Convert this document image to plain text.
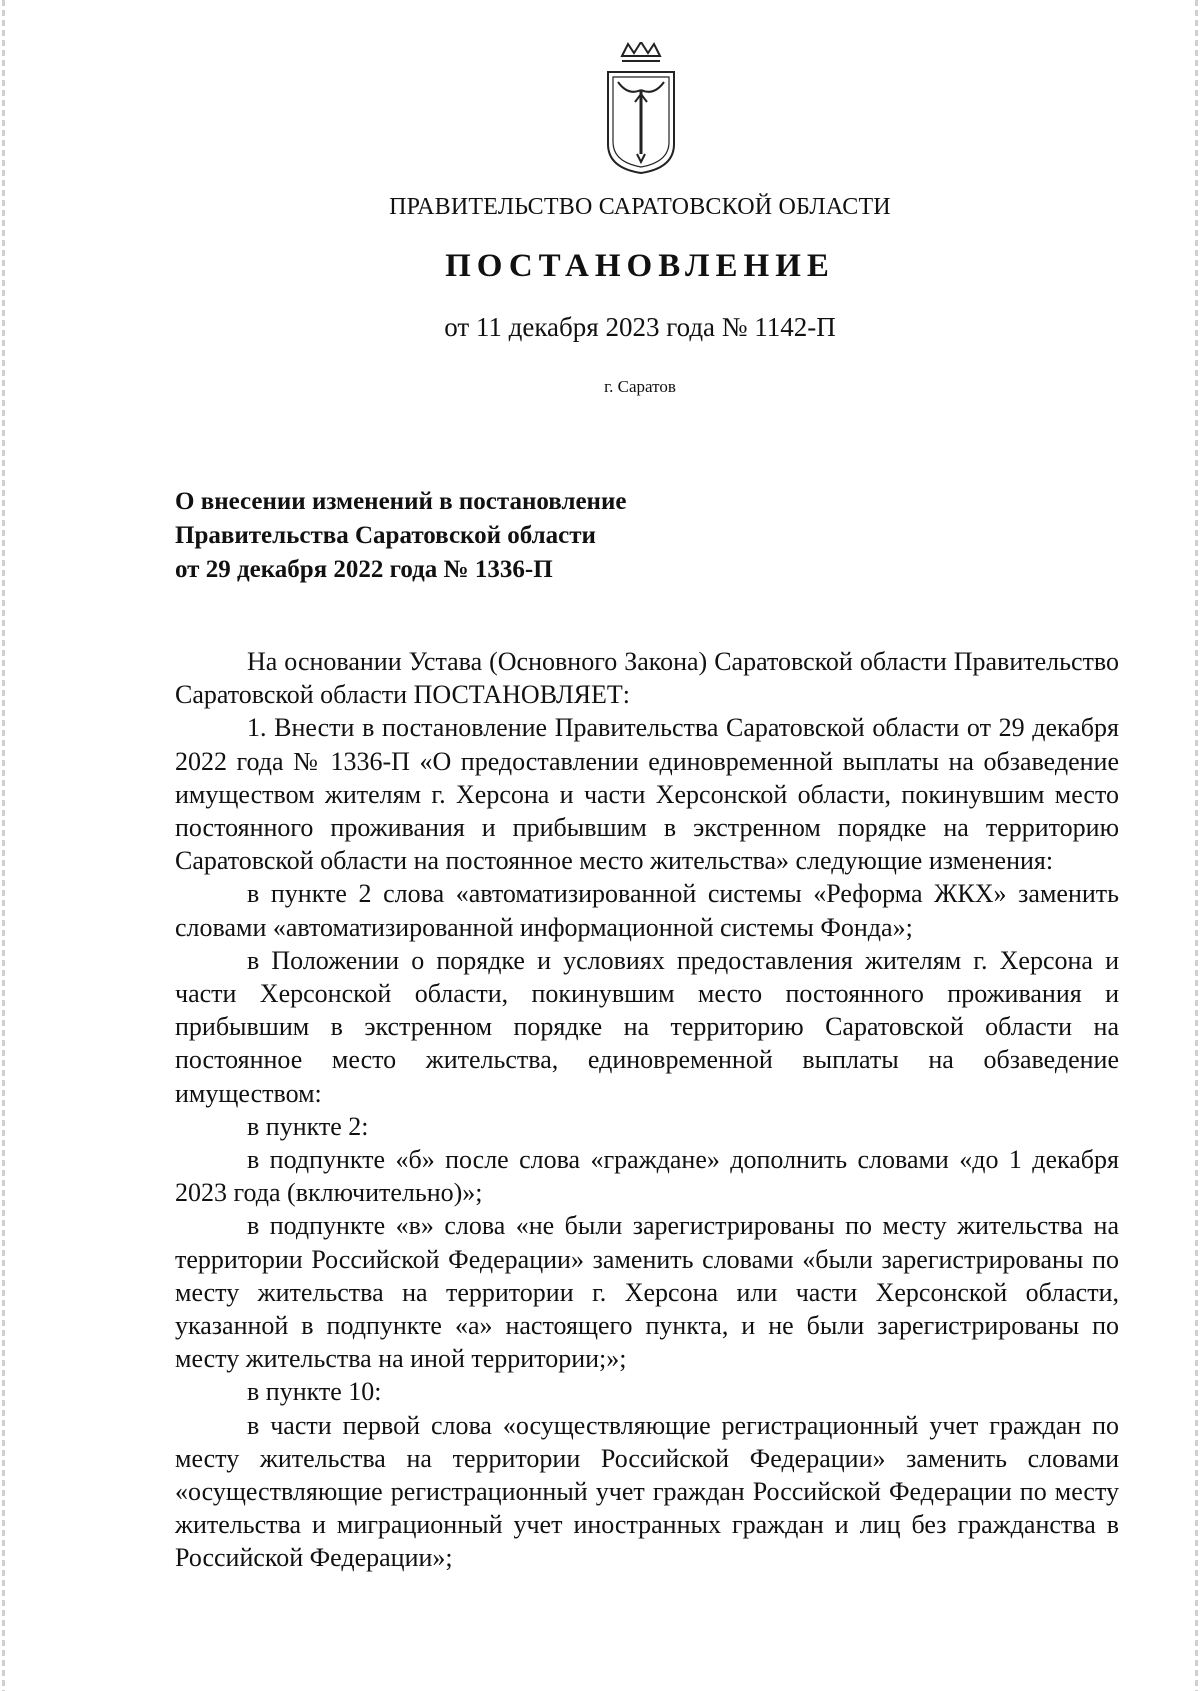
ПРАВИТЕЛЬСТВО САРАТОВСКОЙ ОБЛАСТИ
ПОСТАНОВЛЕНИЕ
от 11 декабря 2023 года № 1142-П
г. Саратов
О внесении изменений в постановление
Правительства Саратовской области
от 29 декабря 2022 года № 1336-П

На основании Устава (Основного Закона) Саратовской области Правительство Саратовской области ПОСТАНОВЛЯЕТ:

1. Внести в постановление Правительства Саратовской области от 29 декабря 2022 года № 1336-П «О предоставлении единовременной выплаты на обзаведение имуществом жителям г. Херсона и части Херсонской области, покинувшим место постоянного проживания и прибывшим в экстренном порядке на территорию Саратовской области на постоянное место жительства» следующие изменения:

в пункте 2 слова «автоматизированной системы «Реформа ЖКХ» заменить словами «автоматизированной информационной системы Фонда»;

в Положении о порядке и условиях предоставления жителям г. Херсона и части Херсонской области, покинувшим место постоянного проживания и прибывшим в экстренном порядке на территорию Саратовской области на постоянное место жительства, единовременной выплаты на обзаведение имуществом:

в пункте 2:

в подпункте «б» после слова «граждане» дополнить словами «до 1 декабря 2023 года (включительно)»;

в подпункте «в» слова «не были зарегистрированы по месту жительства на территории Российской Федерации» заменить словами «были зарегистрированы по месту жительства на территории г. Херсона или части Херсонской области, указанной в подпункте «а» настоящего пункта, и не были зарегистрированы по месту жительства на иной территории;»;

в пункте 10:

в части первой слова «осуществляющие регистрационный учет граждан по месту жительства на территории Российской Федерации» заменить словами «осуществляющие регистрационный учет граждан Российской Федерации по месту жительства и миграционный учет иностранных граждан и лиц без гражданства в Российской Федерации»;
